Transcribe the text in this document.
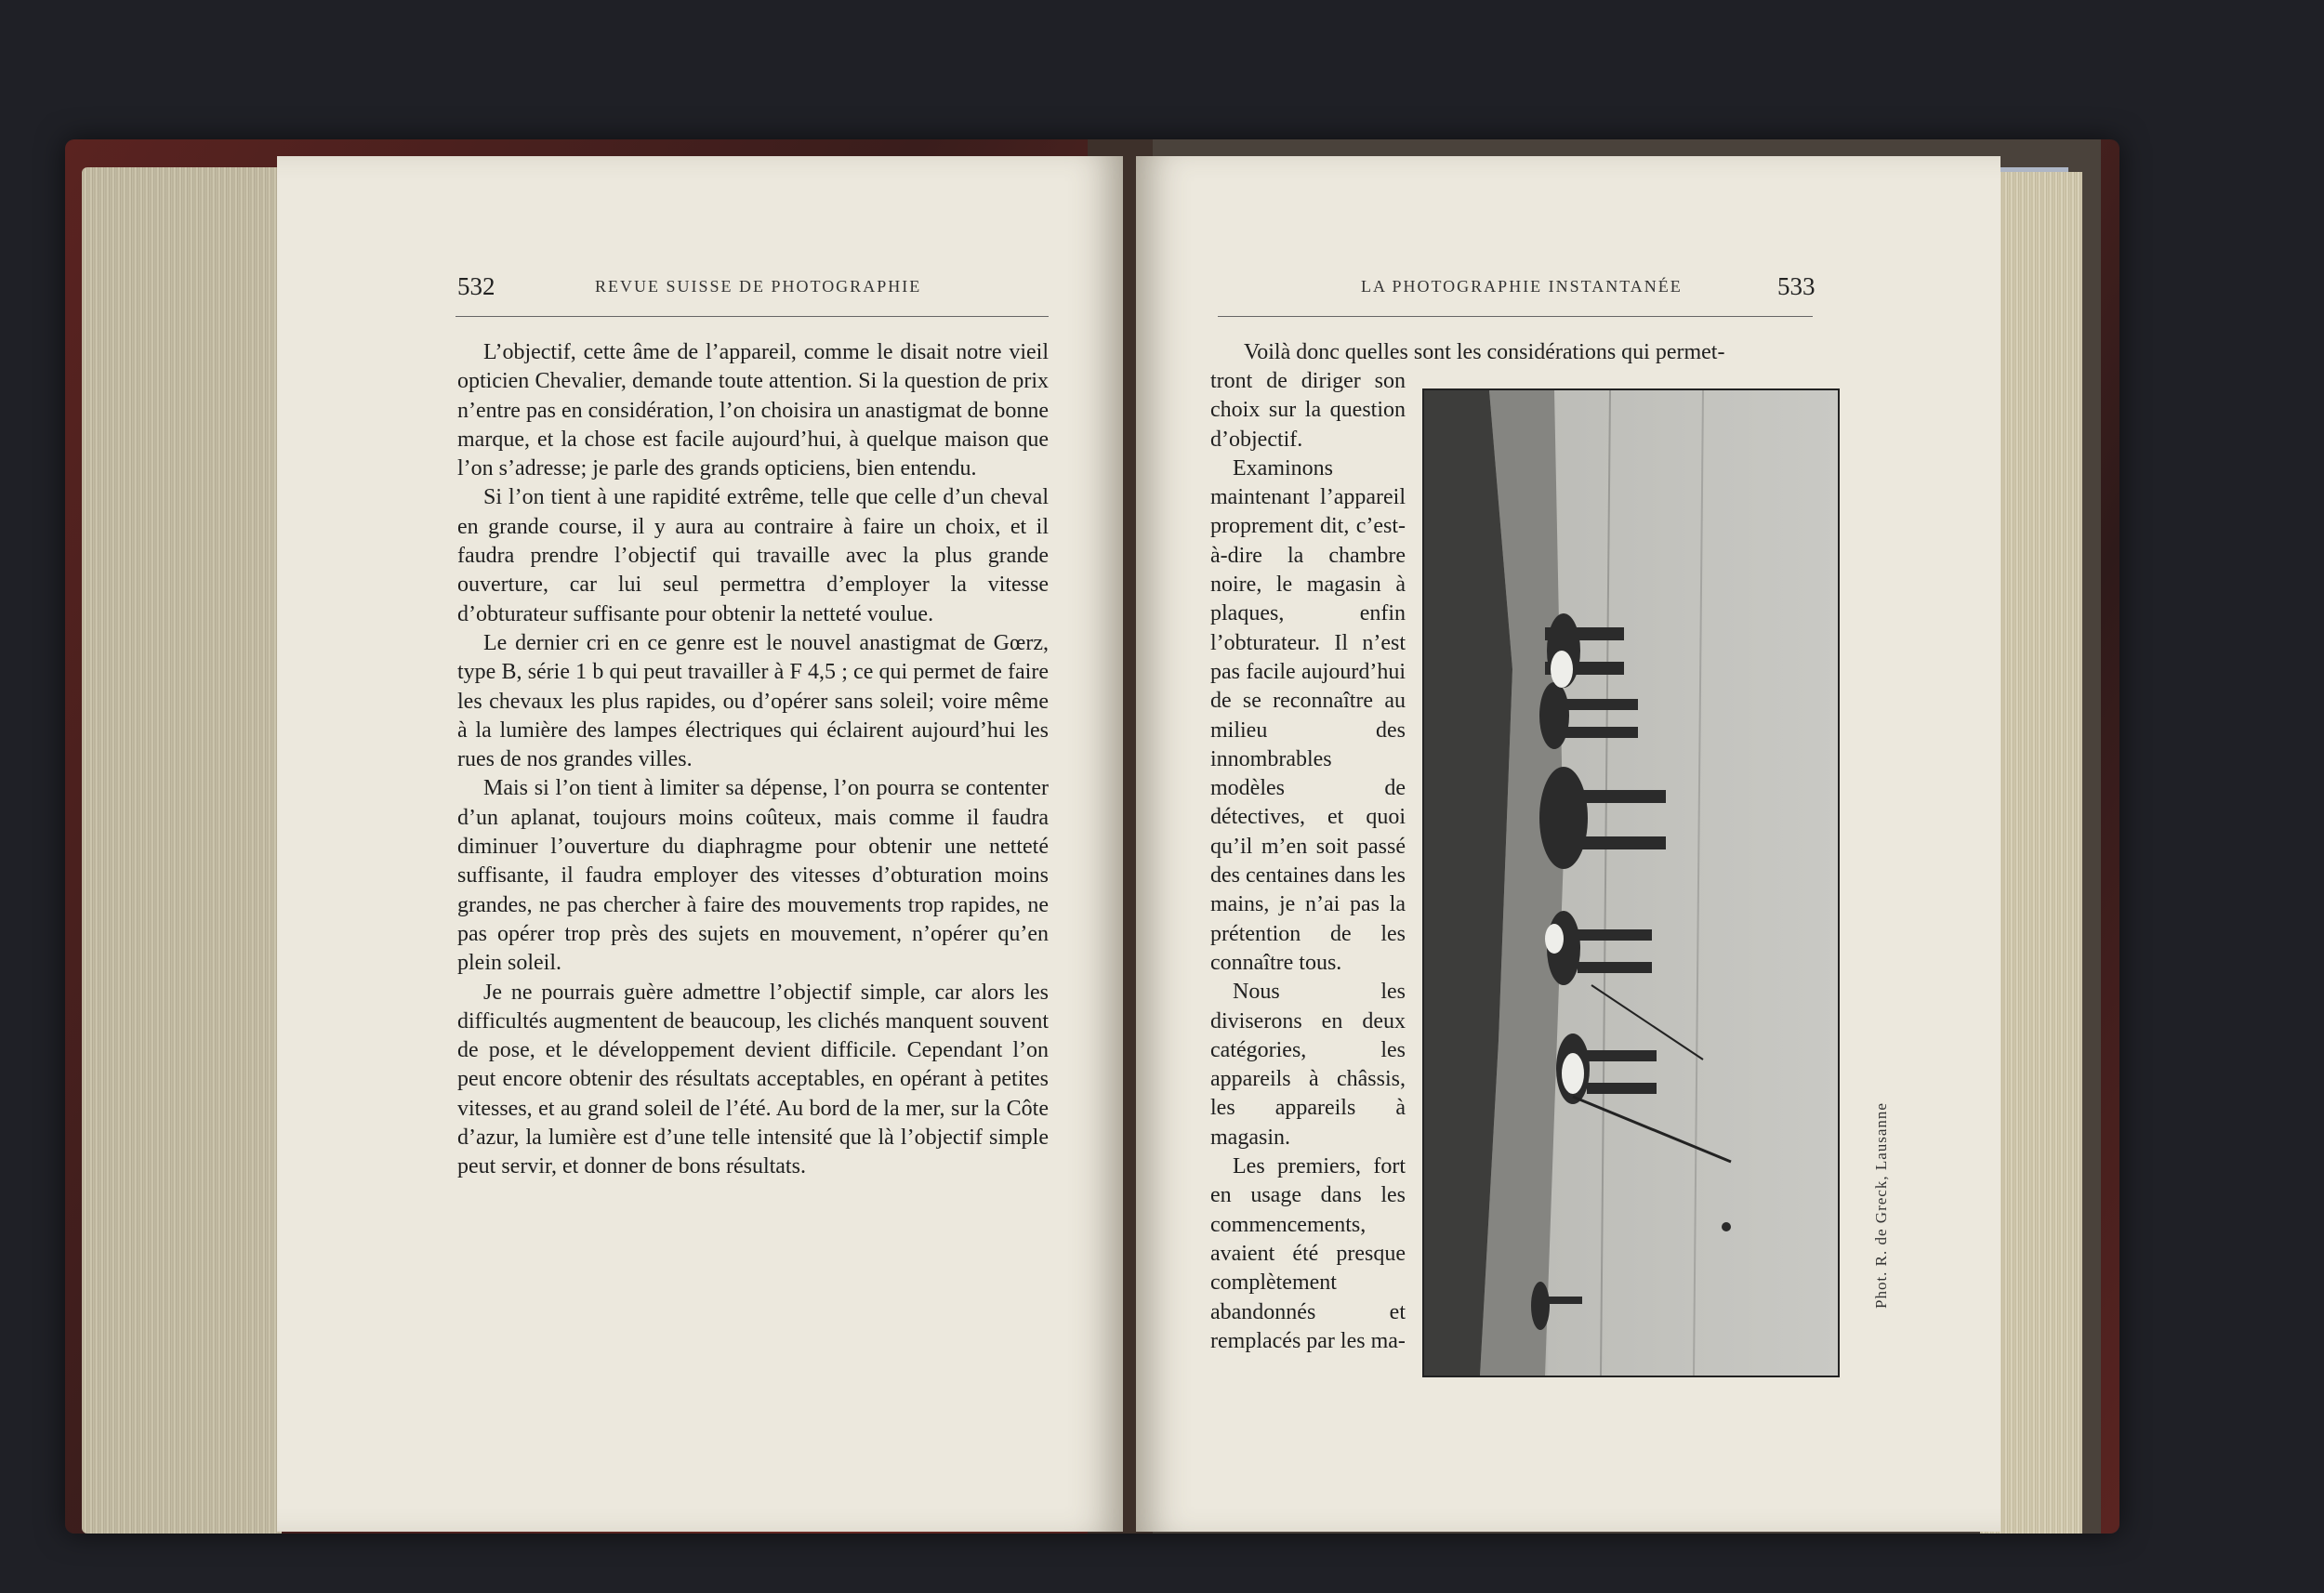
532	REVUE SUISSE DE PHOTOGRAPHIE

L’objectif, cette âme de l’appareil, comme le disait notre vieil opticien Chevalier, demande toute attention. Si la question de prix n’entre pas en considération, l’on choisira un anastigmat de bonne marque, et la chose est facile aujourd’hui, à quelque maison que l’on s’adresse; je parle des grands opticiens, bien entendu.

Si l’on tient à une rapidité extrême, telle que celle d’un cheval en grande course, il y aura au contraire à faire un choix, et il faudra prendre l’objectif qui travaille avec la plus grande ouverture, car lui seul permettra d’employer la vitesse d’obturateur suffisante pour obtenir la netteté voulue.

Le dernier cri en ce genre est le nouvel anastigmat de Gœrz, type B, série 1 b qui peut travailler à F 4,5 ; ce qui permet de faire les chevaux les plus rapides, ou d’opérer sans soleil; voire même à la lumière des lampes électriques qui éclairent aujourd’hui les rues de nos grandes villes.

Mais si l’on tient à limiter sa dépense, l’on pourra se contenter d’un aplanat, toujours moins coûteux, mais comme il faudra diminuer l’ouverture du diaphragme pour obtenir une netteté suffisante, il faudra employer des vitesses d’obturation moins grandes, ne pas chercher à faire des mouvements trop rapides, ne pas opérer trop près des sujets en mouvement, n’opérer qu’en plein soleil.

Je ne pourrais guère admettre l’objectif simple, car alors les difficultés augmentent de beaucoup, les clichés manquent souvent de pose, et le développement devient difficile. Cependant l’on peut encore obtenir des résultats acceptables, en opérant à petites vitesses, et au grand soleil de l’été. Au bord de la mer, sur la Côte d’azur, la lumière est d’une telle intensité que là l’objectif simple peut servir, et donner de bons résultats.

LA PHOTOGRAPHIE INSTANTANÉE	533
Voilà donc quelles sont les considérations qui permet-

tront de diriger son choix sur la question d’objectif.

Examinons maintenant l’appareil proprement dit, c’est-à-dire la chambre noire, le magasin à plaques, enfin l’obturateur. Il n’est pas facile aujourd’hui de se reconnaître au milieu des innombrables modèles de détectives, et quoi qu’il m’en soit passé des centaines dans les mains, je n’ai pas la prétention de les connaître tous.

Nous les diviserons en deux catégories, les appareils à châssis, les appareils à magasin.

Les premiers, fort en usage dans les commencements, avaient été presque complètement abandonnés et remplacés par les ma-

Phot. R. de Greck, Lausanne
